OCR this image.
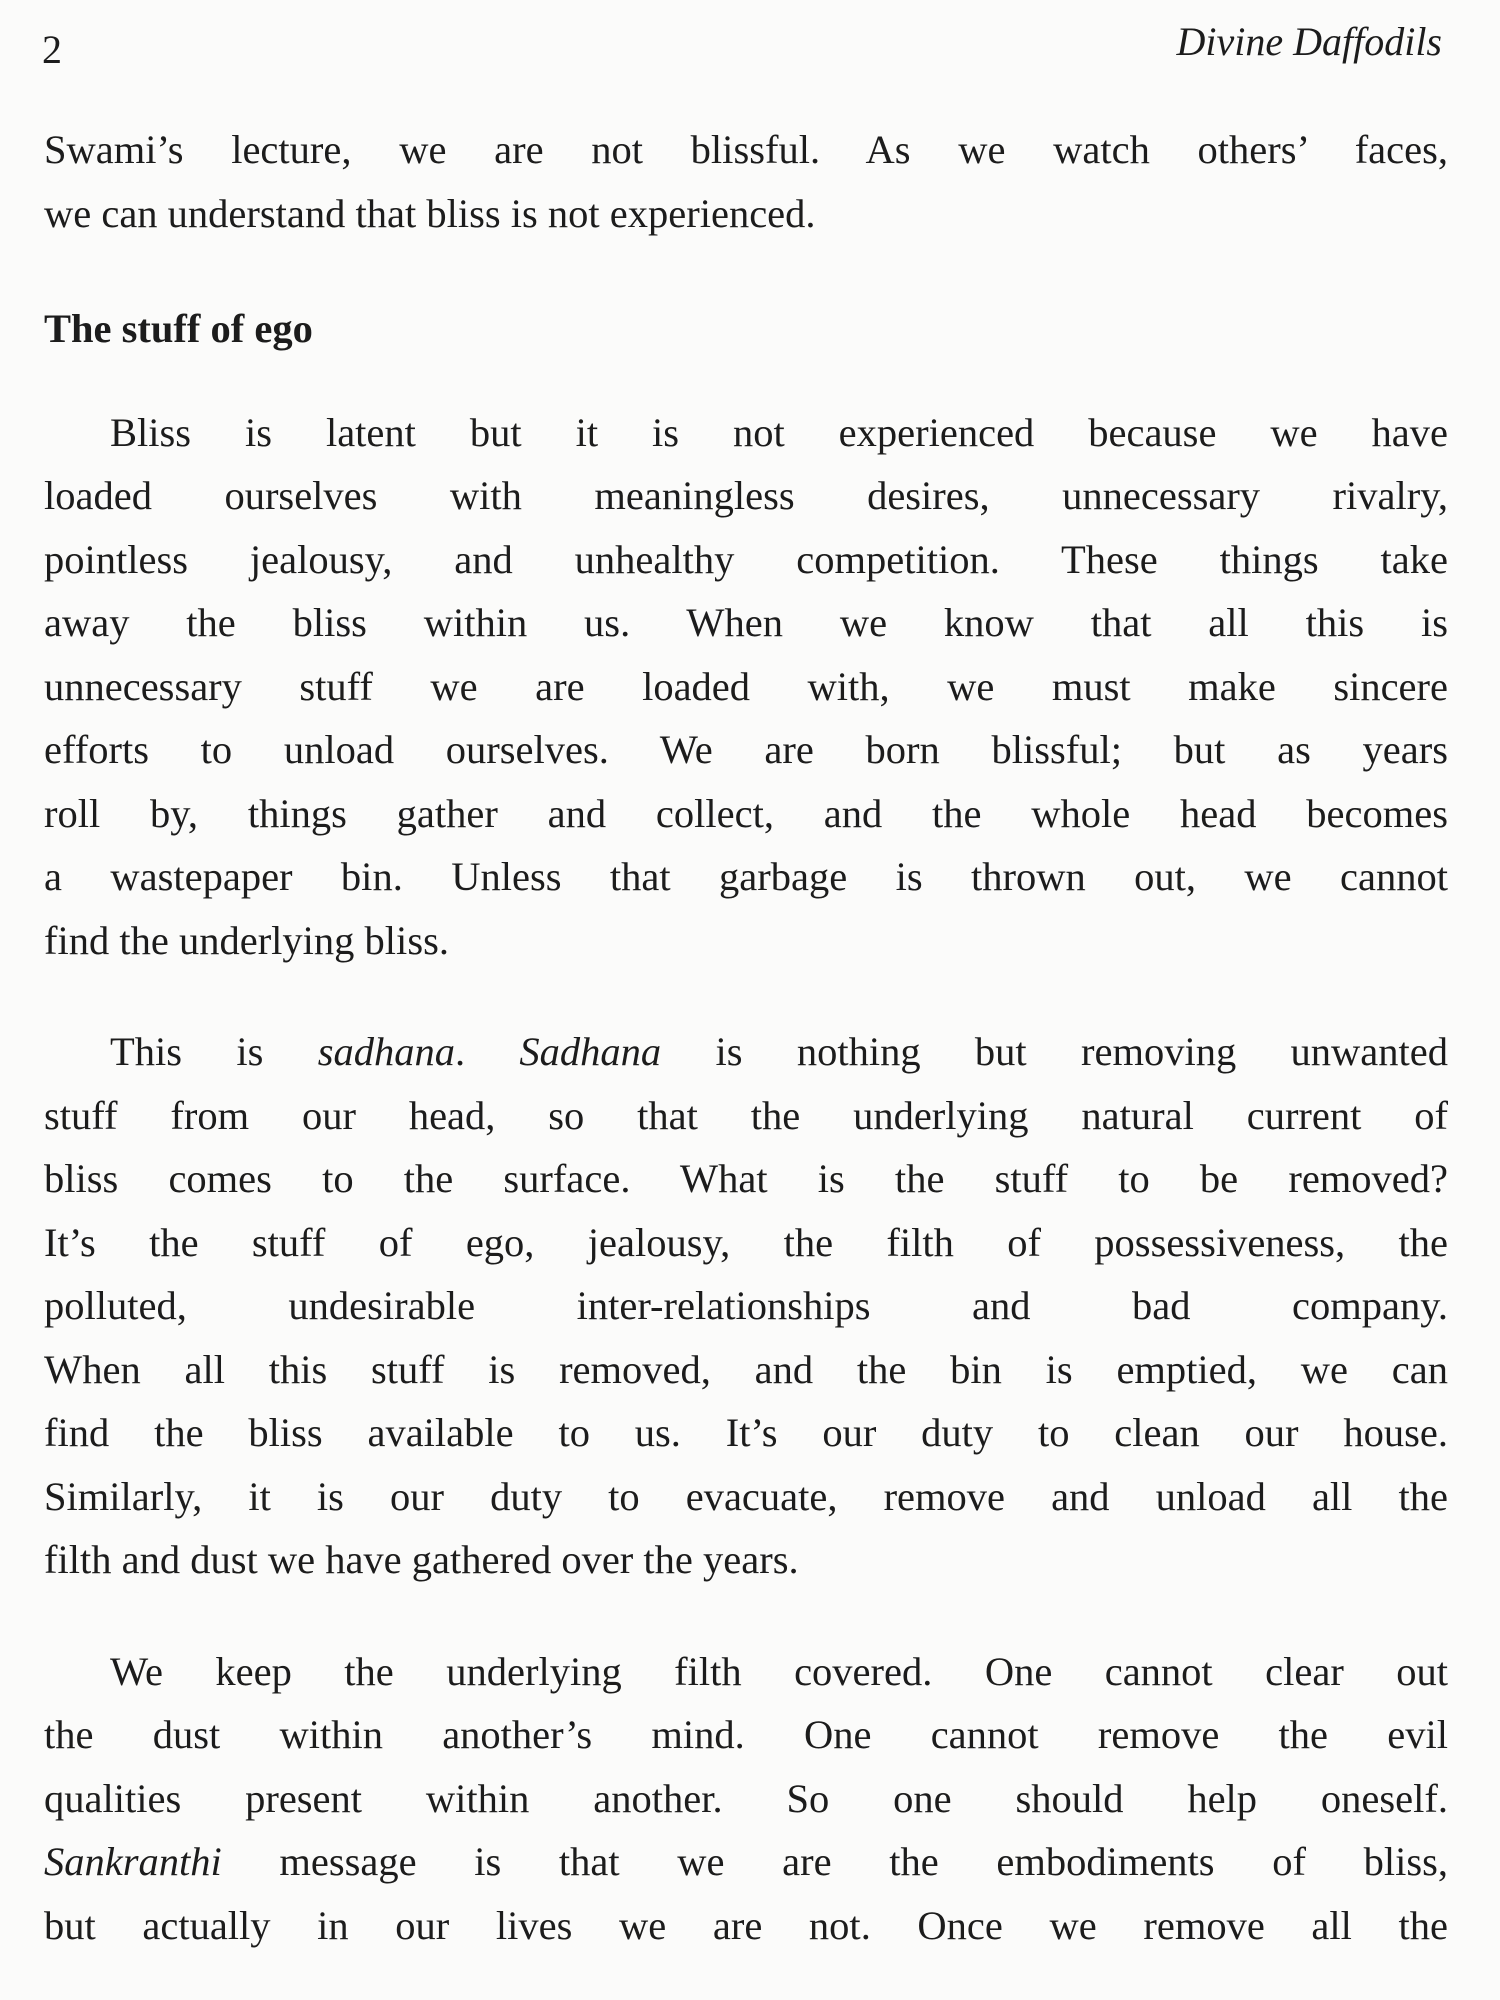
2	Divine Daffodils
Swami’s lecture, we are not blissful. As we watch others’ faces,
we can understand that bliss is not experienced.
The stuff of ego
Bliss is latent but it is not experienced because we have
loaded ourselves with meaningless desires, unnecessary rivalry,
pointless jealousy, and unhealthy competition. These things take
away the bliss within us. When we know that all this is
unnecessary stuff we are loaded with, we must make sincere
efforts to unload ourselves. We are born blissful; but as years
roll by, things gather and collect, and the whole head becomes
a wastepaper bin. Unless that garbage is thrown out, we cannot
find the underlying bliss.
This is sadhana. Sadhana is nothing but removing unwanted
stuff from our head, so that the underlying natural current of
bliss comes to the surface. What is the stuff to be removed?
It’s the stuff of ego, jealousy, the filth of possessiveness, the
polluted, undesirable inter-relationships and bad company.
When all this stuff is removed, and the bin is emptied, we can
find the bliss available to us. It’s our duty to clean our house.
Similarly, it is our duty to evacuate, remove and unload all the
filth and dust we have gathered over the years.
We keep the underlying filth covered. One cannot clear out
the dust within another’s mind. One cannot remove the evil
qualities present within another. So one should help oneself.
Sankranthi message is that we are the embodiments of bliss,
but actually in our lives we are not. Once we remove all the
